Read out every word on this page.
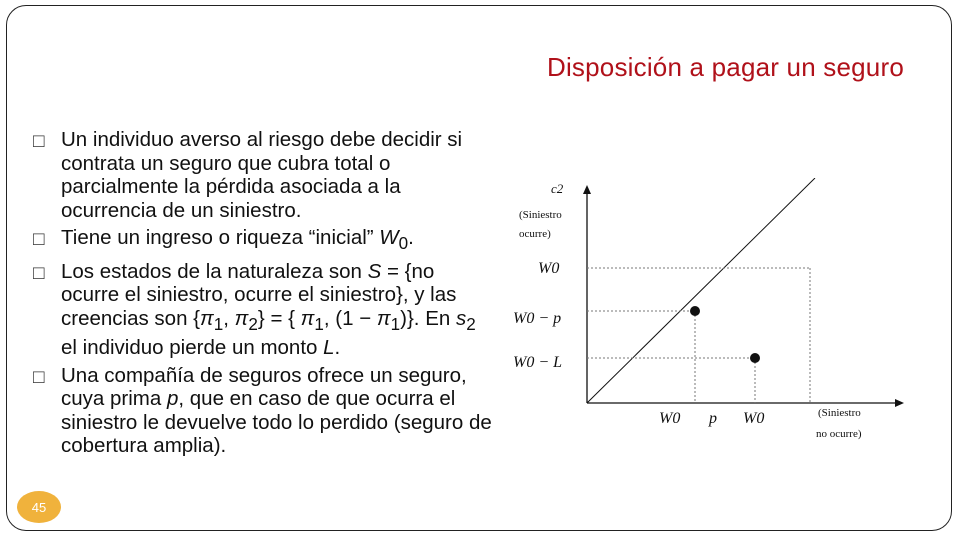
Disposición a pagar un seguro
□ Un individuo averso al riesgo debe decidir si contrata un seguro que cubra total o parcialmente la pérdida asociada a la ocurrencia de un siniestro.

□ Tiene un ingreso o riqueza “inicial” $W_0$.

□ Los estados de la naturaleza son S = {no ocurre el siniestro, ocurre el siniestro}, y las creencias son {$\pi_1$, $\pi_2$} = { $\pi_1$, $(1 - \pi_1)$}. En $s_2$ el individuo pierde un monto L.

□ Una compañía de seguros ofrece un seguro, cuya prima p, que en caso de que ocurra el siniestro le devuelve todo lo perdido (seguro de cobertura amplia).

c2
(Siniestro
ocurre)
W0
W0 − p
W0 − L
W0 p W0	(Siniestro
no ocurre)
45
